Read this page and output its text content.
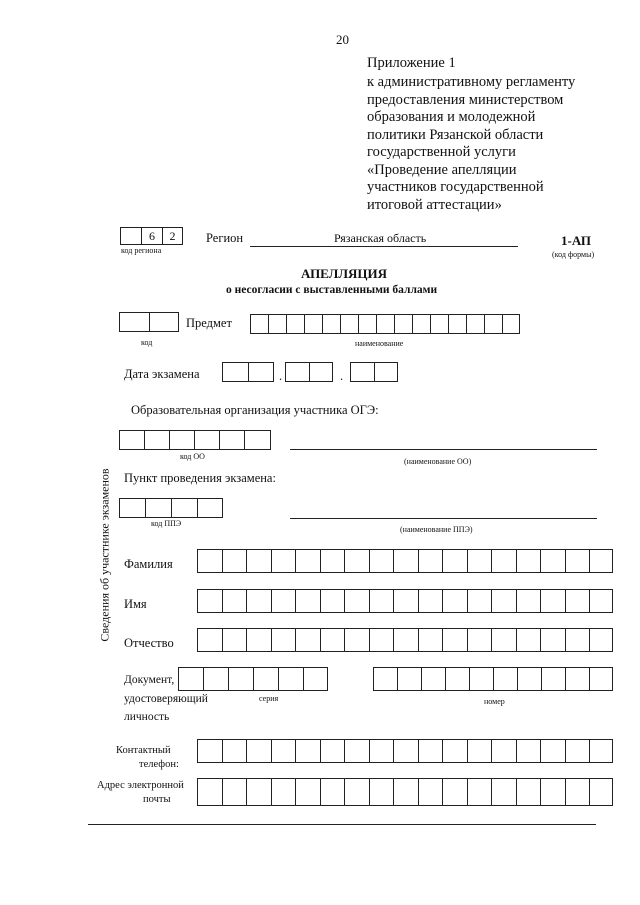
20
Приложение 1
к административному регламенту
предоставления министерством
образования и молодежной
политики Рязанской области
государственной услуги
«Проведение апелляции
участников государственной
итоговой аттестации»
6	2
код региона
Регион	Рязанская область	1-АП
(код формы)
АПЕЛЛЯЦИЯ
о несогласии с выставленными баллами
Предмет
код	наименование
Дата экзамена	.	.
Образовательная организация участника ОГЭ:
код ОО
(наименование ОО)
Пункт проведения экзамена:
код ППЭ
(наименование ППЭ)
Сведения об участнике экзаменов Фамилия
Имя
Отчество
Документ,
удостоверяющий
личность
серия	номер
Контактный
телефон:
Адрес электронной
почты
